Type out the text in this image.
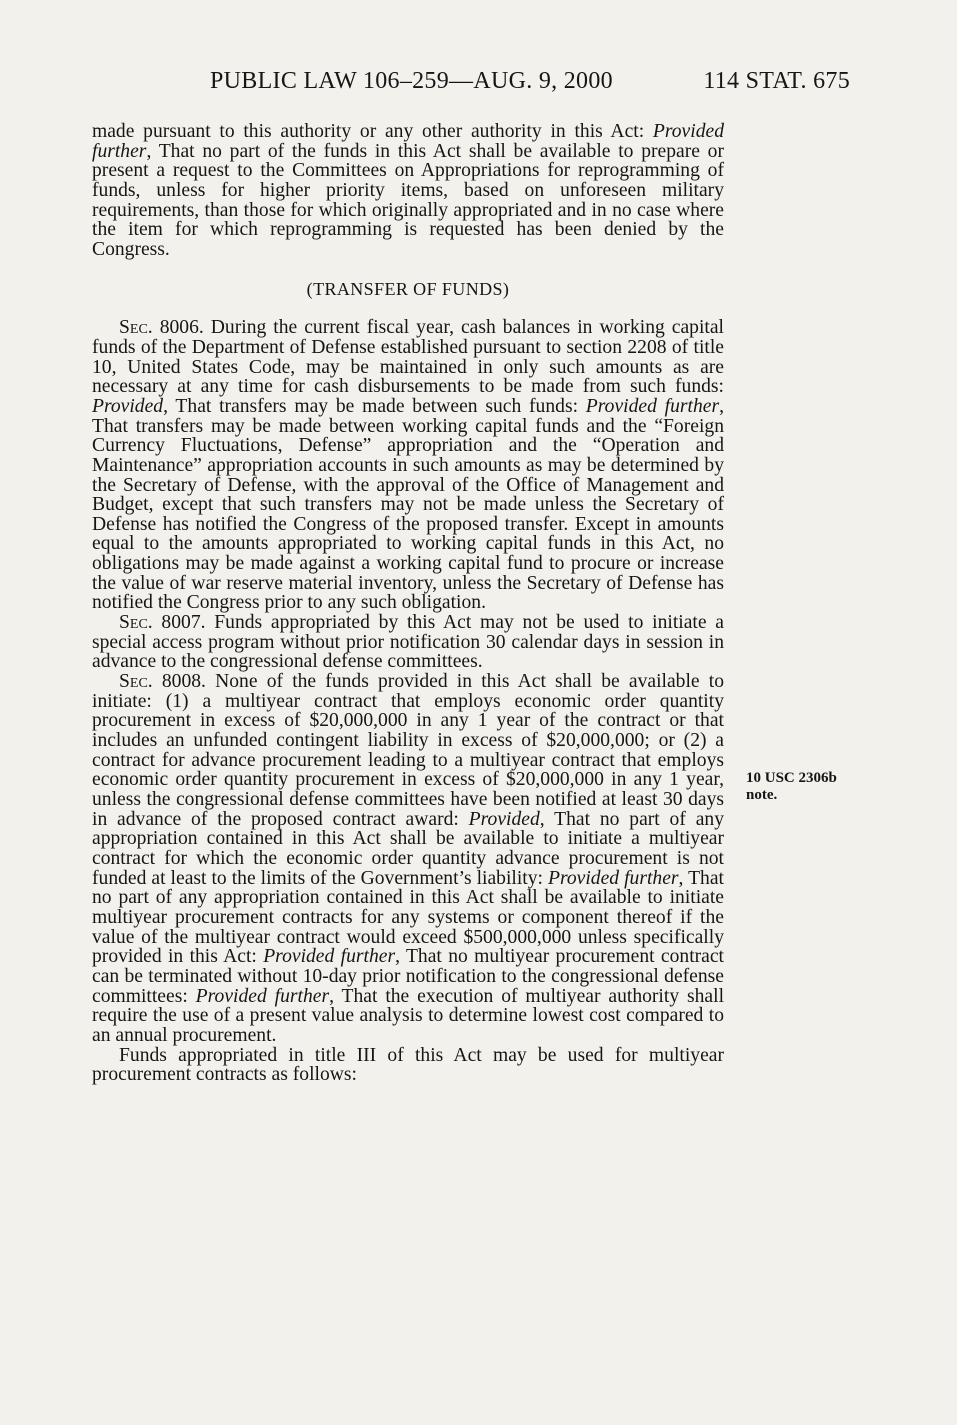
PUBLIC LAW 106–259—AUG. 9, 2000	114 STAT. 675

made pursuant to this authority or any other authority in this Act: Provided further, That no part of the funds in this Act shall be available to prepare or present a request to the Committees on Appropriations for reprogramming of funds, unless for higher priority items, based on unforeseen military requirements, than those for which originally appropriated and in no case where the item for which reprogramming is requested has been denied by the Congress.

(TRANSFER OF FUNDS)

Sec. 8006. During the current fiscal year, cash balances in working capital funds of the Department of Defense established pursuant to section 2208 of title 10, United States Code, may be maintained in only such amounts as are necessary at any time for cash disbursements to be made from such funds: Provided, That transfers may be made between such funds: Provided further, That transfers may be made between working capital funds and the “Foreign Currency Fluctuations, Defense” appropriation and the “Operation and Maintenance” appropriation accounts in such amounts as may be determined by the Secretary of Defense, with the approval of the Office of Management and Budget, except that such transfers may not be made unless the Secretary of Defense has notified the Congress of the proposed transfer. Except in amounts equal to the amounts appropriated to working capital funds in this Act, no obligations may be made against a working capital fund to procure or increase the value of war reserve material inventory, unless the Secretary of Defense has notified the Congress prior to any such obligation.

Sec. 8007. Funds appropriated by this Act may not be used to initiate a special access program without prior notification 30 calendar days in session in advance to the congressional defense committees.

Sec. 8008. None of the funds provided in this Act shall be available to initiate: (1) a multiyear contract that employs economic order quantity procurement in excess of $20,000,000 in any 1 year of the contract or that includes an unfunded contingent liability in excess of $20,000,000; or (2) a contract for advance procurement leading to a multiyear contract that employs economic order quantity procurement in excess of $20,000,000 in any 1 year, unless the congressional defense committees have been notified at least 30 days in advance of the proposed contract award: Provided, That no part of any appropriation contained in this Act shall be available to initiate a multiyear contract for which the economic order quantity advance procurement is not funded at least to the limits of the Government’s liability: Provided further, That no part of any appropriation contained in this Act shall be available to initiate multiyear procurement contracts for any systems or component thereof if the value of the multiyear contract would exceed $500,000,000 unless specifically provided in this Act: Provided further, That no multiyear procurement contract can be terminated without 10-day prior notification to the congressional defense committees: Provided further, That the execution of multiyear authority shall require the use of a present value analysis to determine lowest cost compared to an annual procurement.

Funds appropriated in title III of this Act may be used for multiyear procurement contracts as follows:

10 USC 2306b
note.
